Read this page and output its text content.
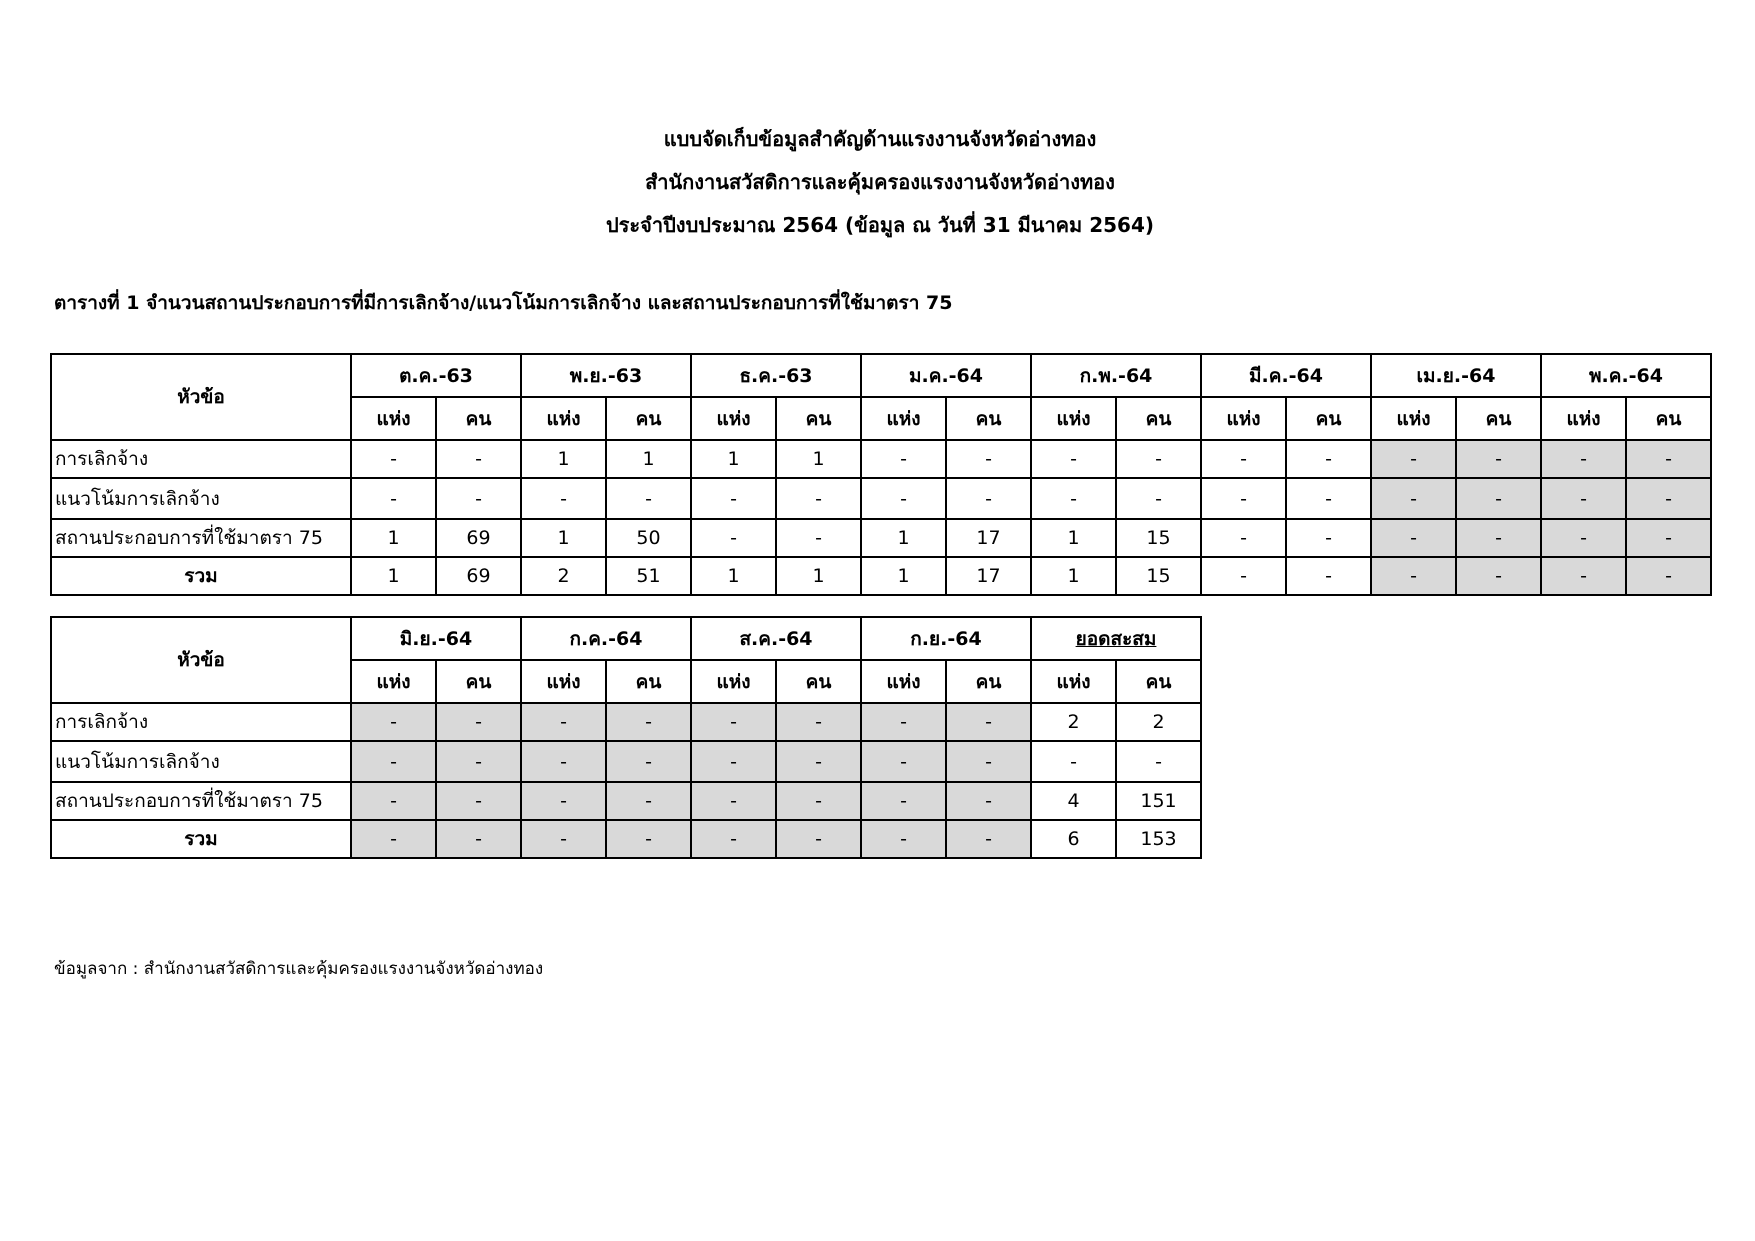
แบบจัดเก็บข้อมูลสำคัญด้านแรงงานจังหวัดอ่างทอง
สำนักงานสวัสดิการและคุ้มครองแรงงานจังหวัดอ่างทอง
ประจำปีงบประมาณ 2564 (ข้อมูล ณ วันที่ 31 มีนาคม 2564)
ตารางที่ 1 จำนวนสถานประกอบการที่มีการเลิกจ้าง/แนวโน้มการเลิกจ้าง และสถานประกอบการที่ใช้มาตรา 75
หัวข้อ	ต.ค.-63		พ.ย.-63		ธ.ค.-63		ม.ค.-64		ก.พ.-64		มี.ค.-64		เม.ย.-64		พ.ค.-64	
	แห่ง	คน	แห่ง	คน	แห่ง	คน	แห่ง	คน	แห่ง	คน	แห่ง	คน	แห่ง	คน	แห่ง	คน
การเลิกจ้าง	-	-	1	1	1	1	-	-	-	-	-	-	-	-	-	-
แนวโน้มการเลิกจ้าง	-	-	-	-	-	-	-	-	-	-	-	-	-	-	-	-
สถานประกอบการที่ใช้มาตรา 75	1	69	1	50	-	-	1	17	1	15	-	-	-	-	-	-
รวม	1	69	2	51	1	1	1	17	1	15	-	-	-	-	-	-
หัวข้อ	มิ.ย.-64		ก.ค.-64		ส.ค.-64		ก.ย.-64		ยอดสะสม	
	แห่ง	คน	แห่ง	คน	แห่ง	คน	แห่ง	คน	แห่ง	คน
การเลิกจ้าง	-	-	-	-	-	-	-	-	2	2
แนวโน้มการเลิกจ้าง	-	-	-	-	-	-	-	-	-	-
สถานประกอบการที่ใช้มาตรา 75	-	-	-	-	-	-	-	-	4	151
รวม	-	-	-	-	-	-	-	-	6	153
ข้อมูลจาก : สำนักงานสวัสดิการและคุ้มครองแรงงานจังหวัดอ่างทอง
